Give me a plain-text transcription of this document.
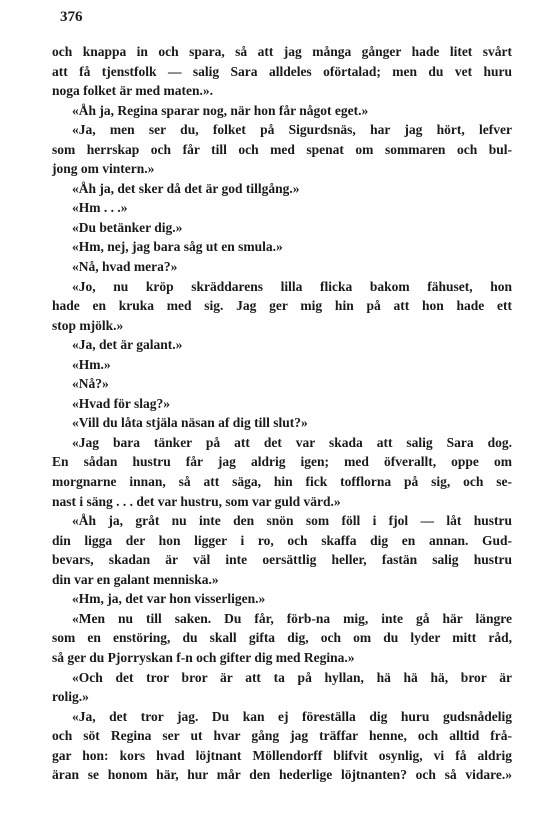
376
och knappa in och spara, så att jag många gånger hade litet svårt
att få tjenstfolk — salig Sara alldeles oförtalad; men du vet huru
noga folket är med maten.».
«Åh ja, Regina sparar nog, när hon får något eget.»
«Ja, men ser du, folket på Sigurdsnäs, har jag hört, lefver
som herrskap och får till och med spenat om sommaren och bul-
jong om vintern.»
«Åh ja, det sker då det är god tillgång.»
«Hm . . .»
«Du betänker dig.»
«Hm, nej, jag bara såg ut en smula.»
«Nå, hvad mera?»
«Jo, nu kröp skräddarens lilla flicka bakom fähuset, hon
hade en kruka med sig. Jag ger mig hin på att hon hade ett
stop mjölk.»
«Ja, det är galant.»
«Hm.»
«Nå?»
«Hvad för slag?»
«Vill du låta stjäla näsan af dig till slut?»
«Jag bara tänker på att det var skada att salig Sara dog.
En sådan hustru får jag aldrig igen; med öfverallt, oppe om
morgnarne innan, så att säga, hin fick tofflorna på sig, och se-
nast i säng . . . det var hustru, som var guld värd.»
«Åh ja, gråt nu inte den snön som föll i fjol — låt hustru
din ligga der hon ligger i ro, och skaffa dig en annan. Gud-
bevars, skadan är väl inte oersättlig heller, fastän salig hustru
din var en galant menniska.»
«Hm, ja, det var hon visserligen.»
«Men nu till saken. Du får, förb-na mig, inte gå här längre
som en enstöring, du skall gifta dig, och om du lyder mitt råd,
så ger du Pjorryskan f-n och gifter dig med Regina.»
«Och det tror bror är att ta på hyllan, hä hä hä, bror är
rolig.»
«Ja, det tror jag. Du kan ej föreställa dig huru gudsnådelig
och söt Regina ser ut hvar gång jag träffar henne, och alltid frå-
gar hon: kors hvad löjtnant Möllendorff blifvit osynlig, vi få aldrig
äran se honom här, hur mår den hederlige löjtnanten? och så vidare.»
